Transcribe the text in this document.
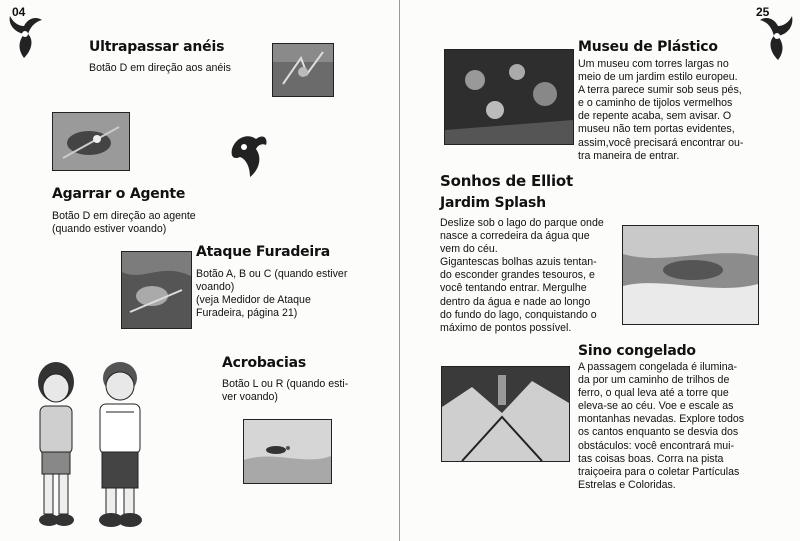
04
Ultrapassar anéis

Botão D em direção aos anéis

Agarrar o Agente

Botão D em direção ao agente

(quando estiver voando)

Ataque Furadeira

Botão A, B ou C (quando estiver

voando)

(veja Medidor de Ataque

Furadeira, página 21)

Acrobacias

Botão L ou R (quando esti-

ver voando)

25
Museu de Plástico

Um museu com torres largas no

meio de um jardim estilo europeu.

A terra parece sumir sob seus pés,

e o caminho de tijolos vermelhos

de repente acaba, sem avisar. O

museu não tem portas evidentes,

assim,você precisará encontrar ou-

tra maneira de entrar.

Sonhos de Elliot
Jardim Splash

Deslize sob o lago do parque onde

nasce a corredeira da água que

vem do céu.

Gigantescas bolhas azuis tentan-

do esconder grandes tesouros, e

você tentando entrar. Mergulhe

dentro da água e nade ao longo

do fundo do lago, conquistando o

máximo de pontos possível.

Sino congelado

A passagem congelada é ilumina-

da por um caminho de trilhos de

ferro, o qual leva até a torre que

eleva-se ao céu. Voe e escale as

montanhas nevadas. Explore todos

os cantos enquanto se desvia dos

obstáculos: você encontrará mui-

tas coisas boas. Corra na pista

traiçoeira para o coletar Partículas

Estrelas e Coloridas.
